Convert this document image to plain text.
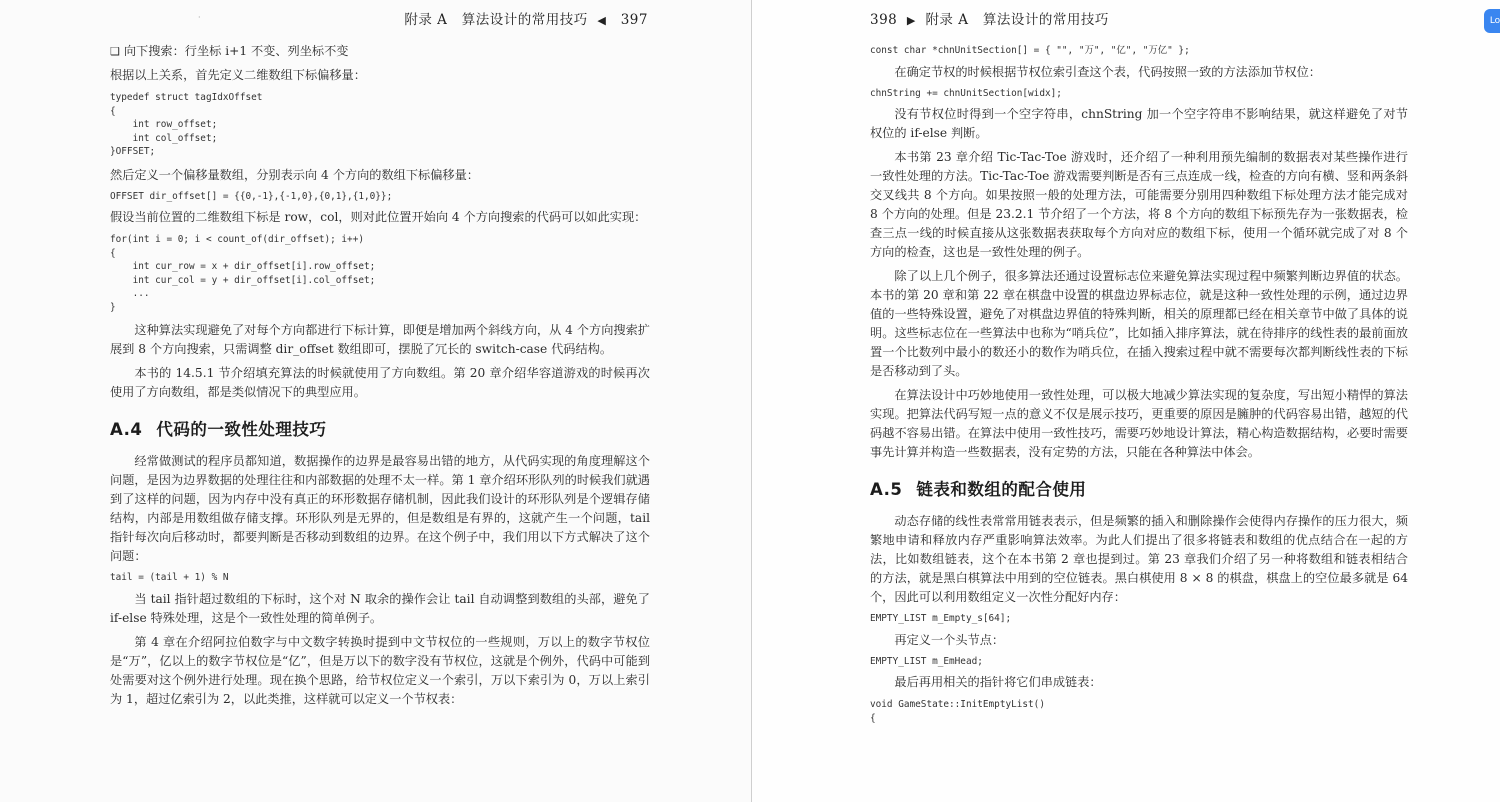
·	附录 A 算法设计的常用技巧 ◀ 397
❑ 向下搜索：行坐标 i+1 不变、列坐标不变

根据以上关系，首先定义二维数组下标偏移量：

typedef struct tagIdxOffset
{
int row_offset;
int col_offset;
}OFFSET;

然后定义一个偏移量数组，分别表示向 4 个方向的数组下标偏移量：

OFFSET dir_offset[] = {{0,-1},{-1,0},{0,1},{1,0}};

假设当前位置的二维数组下标是 row，col，则对此位置开始向 4 个方向搜索的代码可以如此实现：

for(int i = 0; i < count_of(dir_offset); i++)
{
int cur_row = x + dir_offset[i].row_offset;
int cur_col = y + dir_offset[i].col_offset;
...
}

这种算法实现避免了对每个方向都进行下标计算，即便是增加两个斜线方向，从 4 个方向搜索扩展到 8 个方向搜索，只需调整 dir_offset 数组即可，摆脱了冗长的 switch-case 代码结构。

本书的 14.5.1 节介绍填充算法的时候就使用了方向数组。第 20 章介绍华容道游戏的时候再次使用了方向数组，都是类似情况下的典型应用。

A.4 代码的一致性处理技巧

经常做测试的程序员都知道，数据操作的边界是最容易出错的地方，从代码实现的角度理解这个问题，是因为边界数据的处理往往和内部数据的处理不太一样。第 1 章介绍环形队列的时候我们就遇到了这样的问题，因为内存中没有真正的环形数据存储机制，因此我们设计的环形队列是个逻辑存储结构，内部是用数组做存储支撑。环形队列是无界的，但是数组是有界的，这就产生一个问题，tail 指针每次向后移动时，都要判断是否移动到数组的边界。在这个例子中，我们用以下方式解决了这个问题：

tail = (tail + 1) % N

当 tail 指针超过数组的下标时，这个对 N 取余的操作会让 tail 自动调整到数组的头部，避免了 if-else 特殊处理，这是个一致性处理的简单例子。

第 4 章在介绍阿拉伯数字与中文数字转换时提到中文节权位的一些规则，万以上的数字节权位是“万”，亿以上的数字节权位是“亿”，但是万以下的数字没有节权位，这就是个例外，代码中可能到处需要对这个例外进行处理。现在换个思路，给节权位定义一个索引，万以下索引为 0，万以上索引为 1，超过亿索引为 2，以此类推，这样就可以定义一个节权表：

398 ▶ 附录 A 算法设计的常用技巧
const char *chnUnitSection[] = { "", "万", "亿", "万亿" };

在确定节权的时候根据节权位索引查这个表，代码按照一致的方法添加节权位：

chnString += chnUnitSection[widx];

没有节权位时得到一个空字符串，chnString 加一个空字符串不影响结果，就这样避免了对节权位的 if-else 判断。

本书第 23 章介绍 Tic-Tac-Toe 游戏时，还介绍了一种利用预先编制的数据表对某些操作进行一致性处理的方法。Tic-Tac-Toe 游戏需要判断是否有三点连成一线，检查的方向有横、竖和两条斜交叉线共 8 个方向。如果按照一般的处理方法，可能需要分别用四种数组下标处理方法才能完成对 8 个方向的处理。但是 23.2.1 节介绍了一个方法，将 8 个方向的数组下标预先存为一张数据表，检查三点一线的时候直接从这张数据表获取每个方向对应的数组下标，使用一个循环就完成了对 8 个方向的检查，这也是一致性处理的例子。

除了以上几个例子，很多算法还通过设置标志位来避免算法实现过程中频繁判断边界值的状态。本书的第 20 章和第 22 章在棋盘中设置的棋盘边界标志位，就是这种一致性处理的示例，通过边界值的一些特殊设置，避免了对棋盘边界值的特殊判断，相关的原理都已经在相关章节中做了具体的说明。这些标志位在一些算法中也称为“哨兵位”，比如插入排序算法，就在待排序的线性表的最前面放置一个比数列中最小的数还小的数作为哨兵位，在插入搜索过程中就不需要每次都判断线性表的下标是否移动到了头。

在算法设计中巧妙地使用一致性处理，可以极大地减少算法实现的复杂度，写出短小精悍的算法实现。把算法代码写短一点的意义不仅是展示技巧，更重要的原因是臃肿的代码容易出错，越短的代码越不容易出错。在算法中使用一致性技巧，需要巧妙地设计算法，精心构造数据结构，必要时需要事先计算并构造一些数据表，没有定势的方法，只能在各种算法中体会。

A.5 链表和数组的配合使用

动态存储的线性表常常用链表表示，但是频繁的插入和删除操作会使得内存操作的压力很大，频繁地申请和释放内存严重影响算法效率。为此人们提出了很多将链表和数组的优点结合在一起的方法，比如数组链表，这个在本书第 2 章也提到过。第 23 章我们介绍了另一种将数组和链表相结合的方法，就是黑白棋算法中用到的空位链表。黑白棋使用 8 × 8 的棋盘，棋盘上的空位最多就是 64 个，因此可以利用数组定义一次性分配好内存：

EMPTY_LIST m_Empty_s[64];

再定义一个头节点：

EMPTY_LIST m_EmHead;

最后再用相关的指针将它们串成链表：

void GameState::InitEmptyList()
{
Lo
